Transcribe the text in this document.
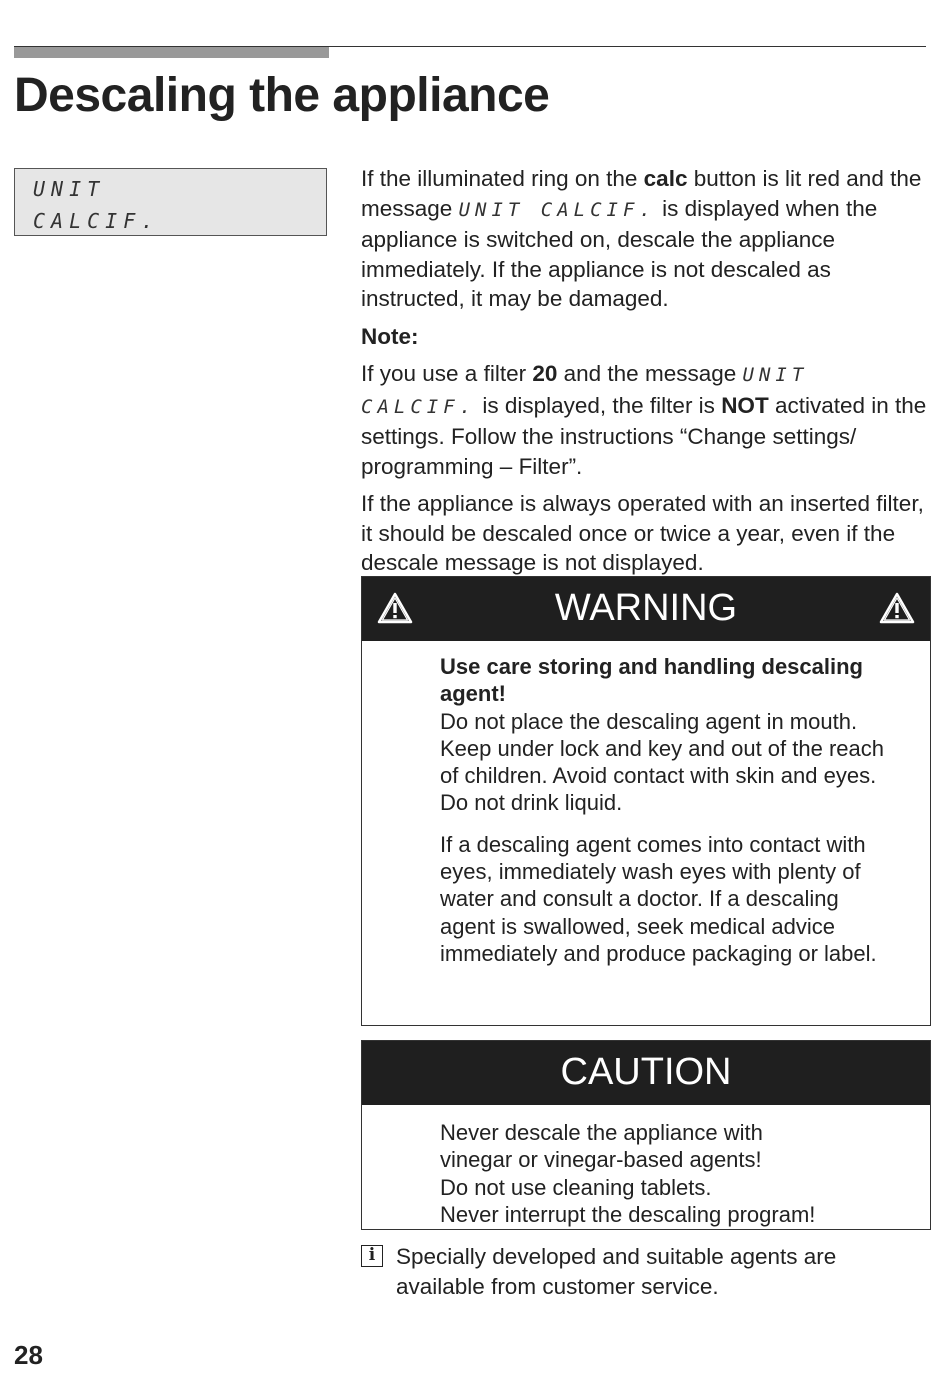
Descaling the appliance
UNIT
CALCIF.

If the illuminated ring on the calc button is lit red and the message UNIT CALCIF. is displayed when the appliance is switched on, descale the appliance immediately. If the appliance is not descaled as instructed, it may be damaged.

Note:

If you use a filter 20 and the message UNIT CALCIF. is displayed, the filter is NOT activated in the settings. Follow the instructions “Change settings/ programming – Filter”.

If the appliance is always operated with an inserted filter, it should be descaled once or twice a year, even if the descale message is not displayed.

WARNING

Use care storing and handling descaling agent!
Do not place the descaling agent in mouth. Keep under lock and key and out of the reach of children. Avoid contact with skin and eyes. Do not drink liquid.

If a descaling agent comes into contact with eyes, immediately wash eyes with plenty of water and consult a doctor. If a descaling agent is swallowed, seek medical advice immediately and produce packaging or label.

CAUTION
Never descale the appliance with
vinegar or vinegar-based agents!
Do not use cleaning tablets.
Never interrupt the descaling program!
i Specially developed and suitable agents are available from customer service.
28
